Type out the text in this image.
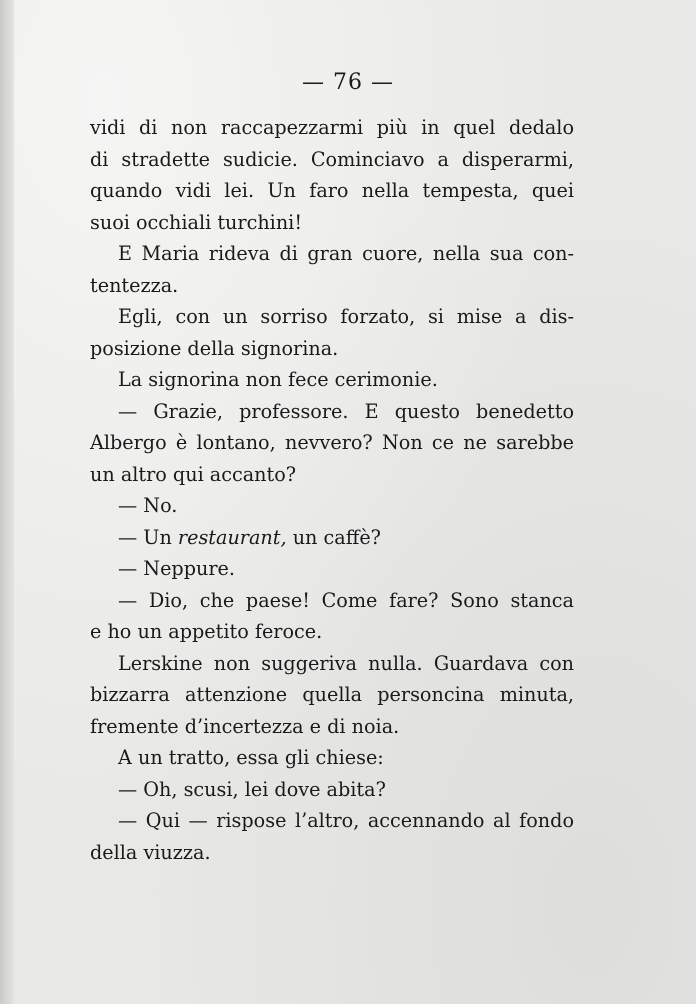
— 76 —

vidi di non raccapezzarmi più in quel dedalo
di stradette sudicie. Cominciavo a disperarmi,
quando vidi lei. Un faro nella tempesta, quei
suoi occhiali turchini!

E Maria rideva di gran cuore, nella sua con-
tentezza.

Egli, con un sorriso forzato, si mise a dis-
posizione della signorina.

La signorina non fece cerimonie.

— Grazie, professore. E questo benedetto
Albergo è lontano, nevvero? Non ce ne sarebbe
un altro qui accanto?

— No.

— Un restaurant, un caffè?

— Neppure.

— Dio, che paese! Come fare? Sono stanca
e ho un appetito feroce.

Lerskine non suggeriva nulla. Guardava con
bizzarra attenzione quella personcina minuta,
fremente d’incertezza e di noia.

A un tratto, essa gli chiese:

— Oh, scusi, lei dove abita?

— Qui — rispose l’altro, accennando al fondo
della viuzza.
